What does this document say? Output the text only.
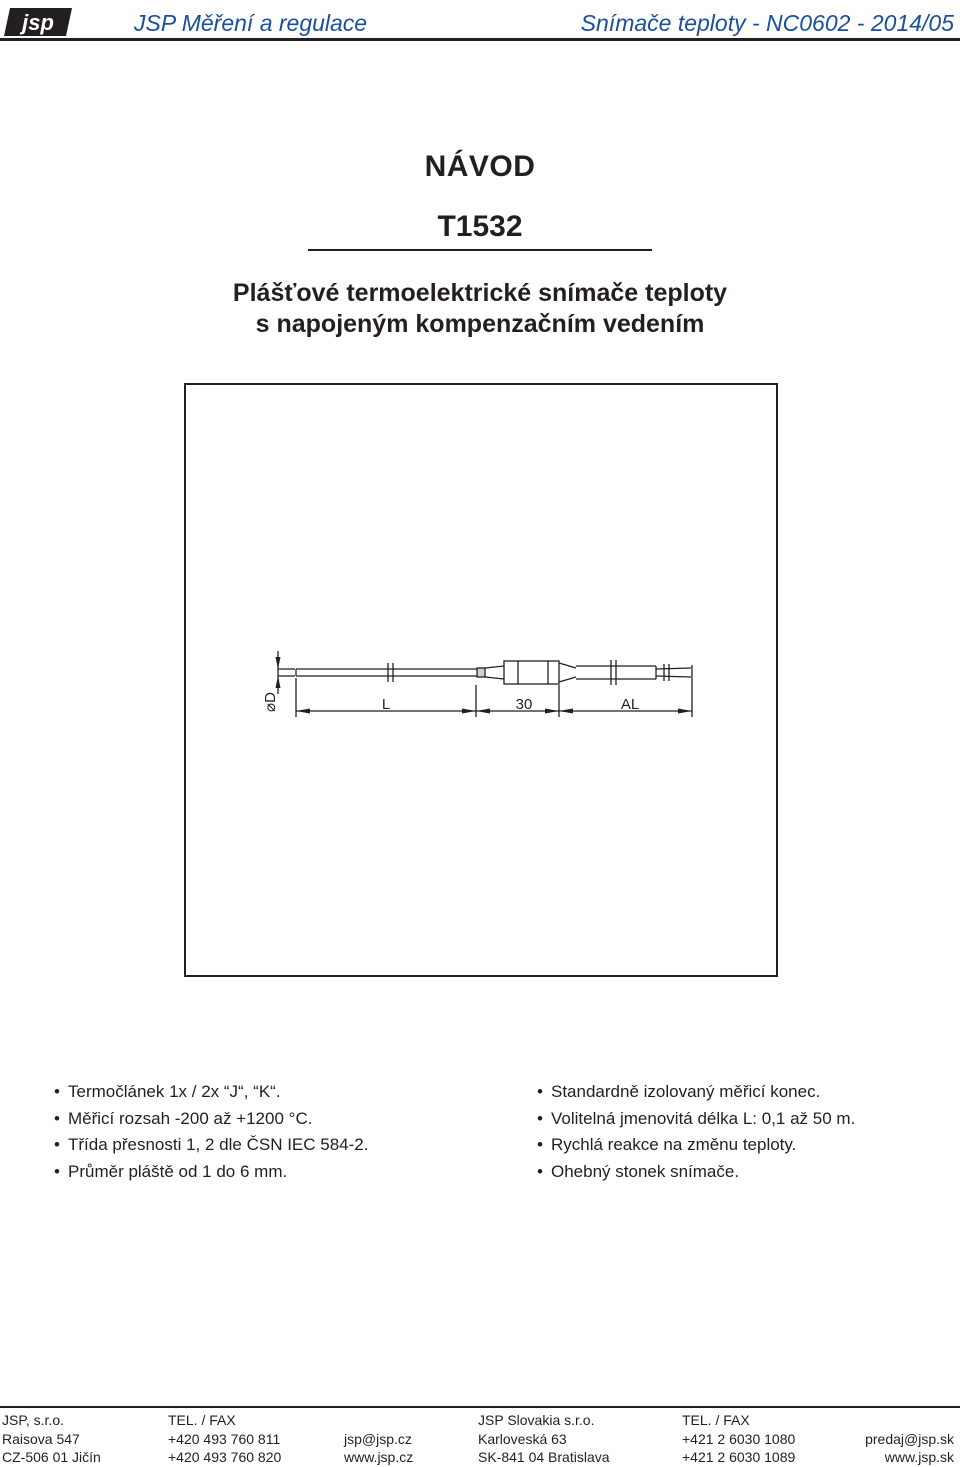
jsp	JSP Měření a regulace	Snímače teploty - NC0602 - 2014/05
NÁVOD
T1532
Plášťové termoelektrické snímače teploty
s napojeným kompenzačním vedením
L	30	AL
⌀D
• Termočlánek 1x / 2x “J“, “K“.
• Měřicí rozsah -200 až +1200 °C.
• Třída přesnosti 1, 2 dle ČSN IEC 584-2.
• Průměr pláště od 1 do 6 mm.
• Standardně izolovaný měřicí konec.
• Volitelná jmenovitá délka L: 0,1 až 50 m.
• Rychlá reakce na změnu teploty.
• Ohebný stonek snímače.
JSP, s.r.o.
Raisova 547
CZ-506 01 Jičín
TEL. / FAX
+420 493 760 811
+420 493 760 820
jsp@jsp.cz
www.jsp.cz
JSP Slovakia s.r.o.
Karloveská 63
SK-841 04 Bratislava
TEL. / FAX
+421 2 6030 1080
+421 2 6030 1089
predaj@jsp.sk
www.jsp.sk
